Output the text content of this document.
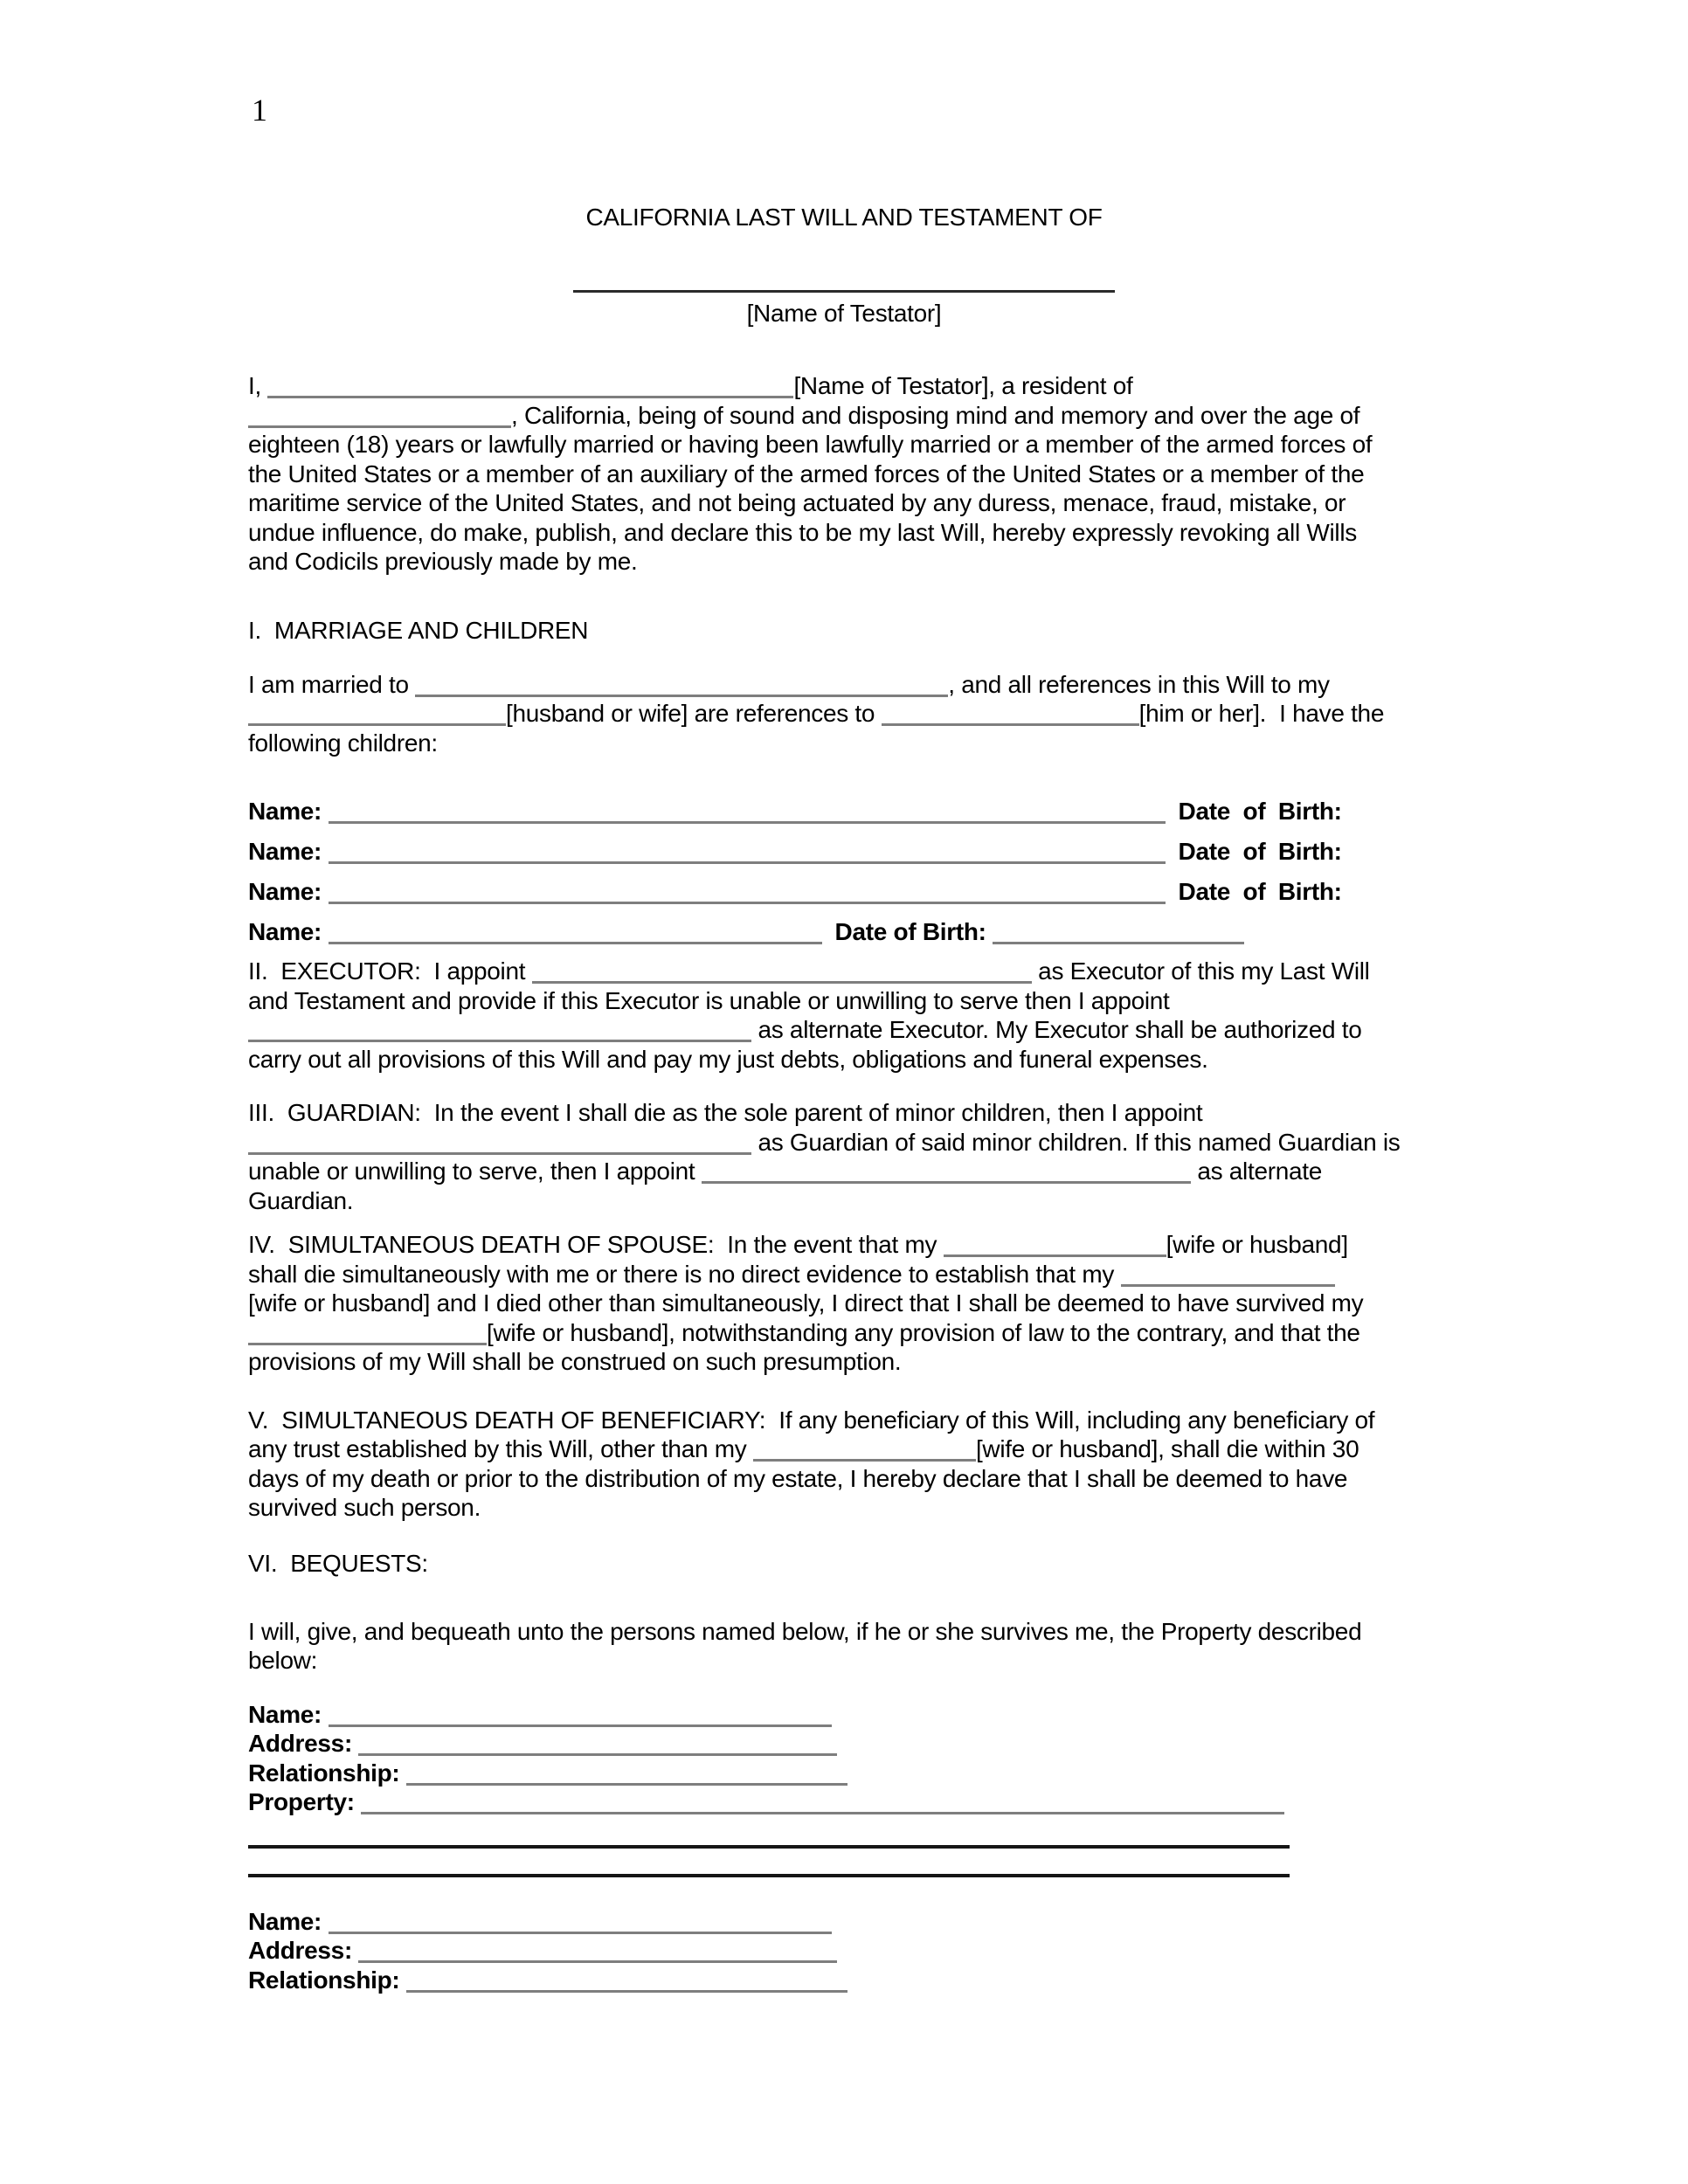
1
CALIFORNIA LAST WILL AND TESTAMENT OF
[Name of Testator]
I,	[Name of Testator], a resident of
, California, being of sound and disposing mind and memory and over the age of
eighteen (18) years or lawfully married or having been lawfully married or a member of the armed forces of
the United States or a member of an auxiliary of the armed forces of the United States or a member of the
maritime service of the United States, and not being actuated by any duress, menace, fraud, mistake, or
undue influence, do make, publish, and declare this to be my last Will, hereby expressly revoking all Wills
and Codicils previously made by me.
I.  MARRIAGE AND CHILDREN
I am married to	, and all references in this Will to my
[husband or wife] are references to	[him or her].  I have the
following children:
Name:	Date of Birth:
Name:	Date of Birth:
Name:	Date of Birth:
Name:	Date of Birth:
II.  EXECUTOR:  I appoint	as Executor of this my Last Will
and Testament and provide if this Executor is unable or unwilling to serve then I appoint
as alternate Executor. My Executor shall be authorized to
carry out all provisions of this Will and pay my just debts, obligations and funeral expenses.
III.  GUARDIAN:  In the event I shall die as the sole parent of minor children, then I appoint
as Guardian of said minor children. If this named Guardian is
unable or unwilling to serve, then I appoint	as alternate
Guardian.
IV.  SIMULTANEOUS DEATH OF SPOUSE:  In the event that my	[wife or husband]
shall die simultaneously with me or there is no direct evidence to establish that my
[wife or husband] and I died other than simultaneously, I direct that I shall be deemed to have survived my
[wife or husband], notwithstanding any provision of law to the contrary, and that the
provisions of my Will shall be construed on such presumption.
V.  SIMULTANEOUS DEATH OF BENEFICIARY:  If any beneficiary of this Will, including any beneficiary of
any trust established by this Will, other than my	[wife or husband], shall die within 30
days of my death or prior to the distribution of my estate, I hereby declare that I shall be deemed to have
survived such person.
VI.  BEQUESTS:
I will, give, and bequeath unto the persons named below, if he or she survives me, the Property described
below:
Name:
Address:
Relationship:
Property:
Name:
Address:
Relationship:
